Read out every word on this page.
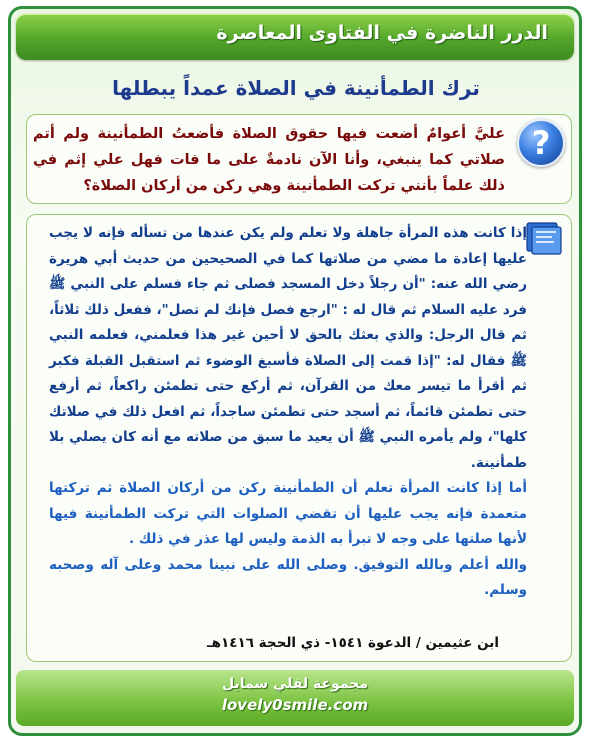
الدرر الناضرة في الفتاوى المعاصرة
ترك الطمأنينة في الصلاة عمداً يبطلها
?
عليَّ أعوامٌ أضعت فيها حقوق الصلاة فأضعتُ الطمأنينة ولم أتم صلاتي كما ينبغي، وأنا الآن نادمةٌ على ما فات فهل علي إثم في ذلك علماً بأنني تركت الطمأنينة وهي ركن من أركان الصلاة؟

إذا كانت هذه المرأة جاهلة ولا تعلم ولم يكن عندها من تسأله فإنه لا يجب عليها إعادة ما مضي من صلاتها كما في الصحيحين من حديث أبي هريرة رضي الله عنه: "أن رجلاً دخل المسجد فصلى ثم جاء فسلم على النبي ﷺ فرد عليه السلام ثم قال له : "ارجع فصل فإنك لم تصل"، ففعل ذلك ثلاثاً، ثم قال الرجل: والذي بعثك بالحق لا أحين غير هذا فعلمني، فعلمه النبي ﷺ فقال له: "إذا قمت إلى الصلاة فأسبغ الوضوء ثم استقبل القبلة فكبر ثم أقرأ ما تيسر معك من القرآن، ثم أركع حتى تطمئن راكعاً، ثم أرفع حتى تطمئن قائماً، ثم أسجد حتى تطمئن ساجداً، ثم افعل ذلك في صلاتك كلها"، ولم يأمره النبي ﷺ أن يعيد ما سبق من صلاته مع أنه كان يصلي بلا طمأنينة.

أما إذا كانت المرأة تعلم أن الطمأنينة ركن من أركان الصلاة ثم تركتها متعمدة فإنه يجب عليها أن تقضي الصلوات التي تركت الطمأنينة فيها لأنها صلتها على وجه لا تبرأ به الذمة وليس لها عذر في ذلك .

والله أعلم وبالله التوفيق. وصلى الله على نبينا محمد وعلى آله وصحبه وسلم.

ابن عثيمين / الدعوة ١٥٤١- ذي الحجة ١٤١٦هـ
مجموعة لفلي سمايل
lovely0smile.com
